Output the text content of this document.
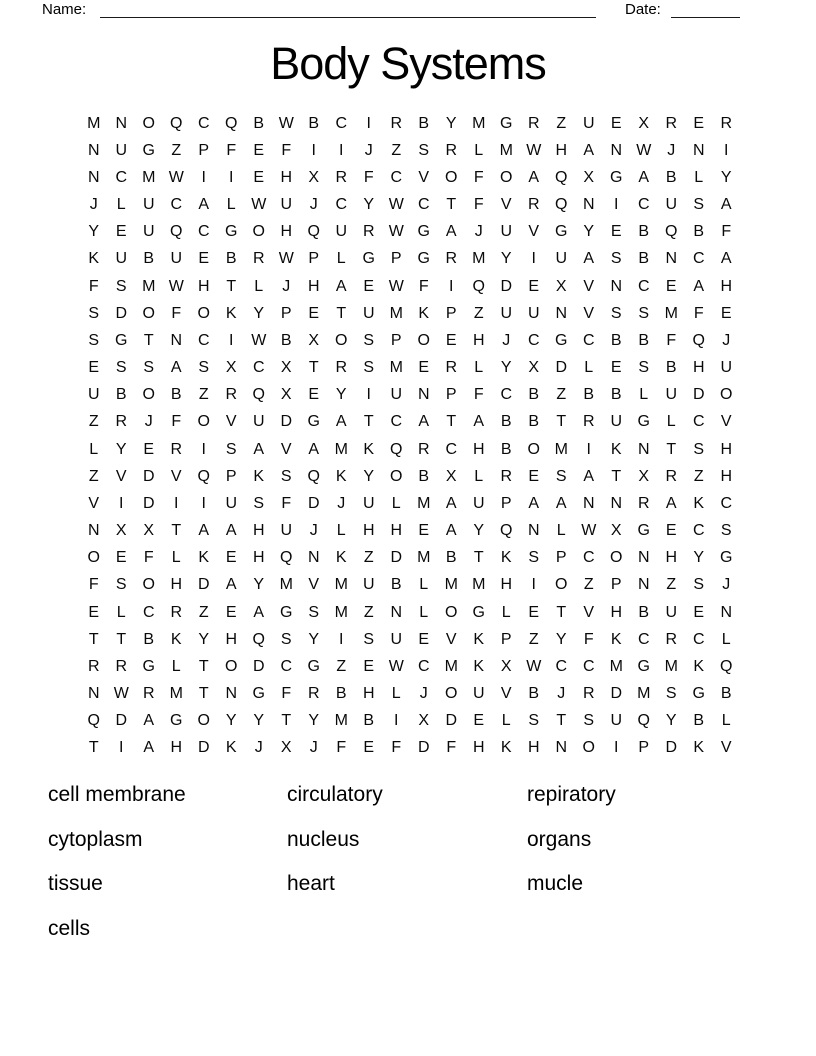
Name:	Date:
Body Systems
M N O Q C Q B W B	C	I	R	B	Y M G R	Z	U	E	X	R	E	R
N U G	Z	P	F	E	F	I	I	J	Z	S	R	L	M W H	A	N W J	N	I
N C M W	I	I	E	H	X	R	F	C	V O	F	O A Q X G A	B	L	Y
J	L	U C	A	L W U	J	C	Y W C	T	F	V	R Q N	I	C U	S	A
Y	E	U Q C G O H Q U R W G A	J	U	V G Y	E	B Q B	F
K	U	B	U	E	B	R W P	L	G P G R M Y	I	U	A	S	B	N C	A
F	S M W H	T	L	J	H	A	E W F	I	Q D	E	X	V	N C	E	A	H
S	D O	F	O K	Y	P	E	T	U M K	P	Z	U U N	V	S	S M F	E
S G	T	N C	I	W B	X O S	P O E	H	J	C G C	B	B	F	Q	J
E	S	S	A	S	X	C	X	T	R	S M E	R	L	Y	X	D	L	E	S	B	H U
U	B O B	Z	R Q X	E	Y	I	U N	P	F	C	B	Z	B	B	L	U D O
Z	R	J	F	O V	U D G A	T	C	A	T	A	B	B	T	R U G	L	C	V
L	Y	E	R	I	S	A	V	A M K Q R C H	B O M	I	K	N	T	S	H
Z	V	D	V Q P	K	S Q K	Y O B	X	L	R	E	S	A	T	X	R	Z	H
V	I	D	I	I	U	S	F	D	J	U	L	M A	U	P	A	A	N N R	A	K	C
N	X	X	T	A	A	H U	J	L	H H	E	A	Y Q N	L W X G E	C	S
O E	F	L	K	E	H Q N	K	Z	D M B	T	K	S	P	C O N H	Y G
F	S O H D	A	Y M V M U	B	L	M M H	I	O	Z	P	N	Z	S	J
E	L	C R	Z	E	A G S M Z	N	L	O G	L	E	T	V	H	B	U	E	N
T	T	B	K	Y	H Q S	Y	I	S	U	E	V	K	P	Z	Y	F	K	C R C	L
R R G	L	T	O D C G	Z	E W C M K	X W C C M G M K Q
N W R M T	N G	F	R	B	H	L	J	O U	V	B	J	R D M S G B
Q D	A G O Y	Y	T	Y M B	I	X	D	E	L	S	T	S	U Q Y	B	L
T	I	A	H D	K	J	X	J	F	E	F	D	F	H	K	H N O	I	P	D	K	V
cell membrane
cytoplasm
tissue
cells
circulatory
nucleus
heart
repiratory
organs
mucle
